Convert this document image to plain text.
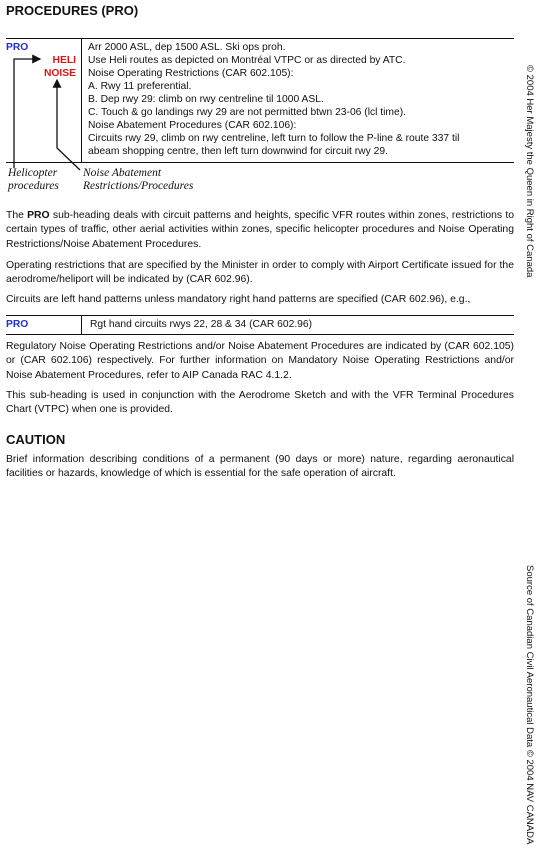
PROCEDURES (PRO)
PRO
HELI
NOISE
Arr 2000 ASL, dep 1500 ASL. Ski ops proh.
Use Heli routes as depicted on Montréal VTPC or as directed by ATC.
Noise Operating Restrictions (CAR 602.105):
A. Rwy 11 preferential.
B. Dep rwy 29: climb on rwy centreline til 1000 ASL.
C. Touch & go landings rwy 29 are not permitted btwn 23-06 (lcl time).
Noise Abatement Procedures (CAR 602.106):
Circuits rwy 29, climb on rwy centreline, left turn to follow the P-line & route 337 til
abeam shopping centre, then left turn downwind for circuit rwy 29.
Helicopter
procedures
Noise Abatement
Restrictions/Procedures
The PRO sub-heading deals with circuit patterns and heights, specific VFR routes within zones, restrictions to certain types of traffic, other aerial activities within zones, specific helicopter procedures and Noise Operating Restrictions/Noise Abatement Procedures.
Operating restrictions that are specified by the Minister in order to comply with Airport Certificate issued for the aerodrome/heliport will be indicated by (CAR 602.96).
Circuits are left hand patterns unless mandatory right hand patterns are specified (CAR 602.96), e.g.,
PRO	Rgt hand circuits rwys 22, 28 & 34 (CAR 602.96)
Regulatory Noise Operating Restrictions and/or Noise Abatement Procedures are indicated by (CAR 602.105) or (CAR 602.106) respectively. For further information on Mandatory Noise Operating Restrictions and/or Noise Abatement Procedures, refer to AIP Canada RAC 4.1.2.
This sub-heading is used in conjunction with the Aerodrome Sketch and with the VFR Terminal Procedures Chart (VTPC) when one is provided.
CAUTION
Brief information describing conditions of a permanent (90 days or more) nature, regarding aeronautical facilities or hazards, knowledge of which is essential for the safe operation of aircraft.
© 2004 Her Majesty the Queen in Right of Canada
Source of Canadian Civil Aeronautical Data © 2004 NAV CANADA
